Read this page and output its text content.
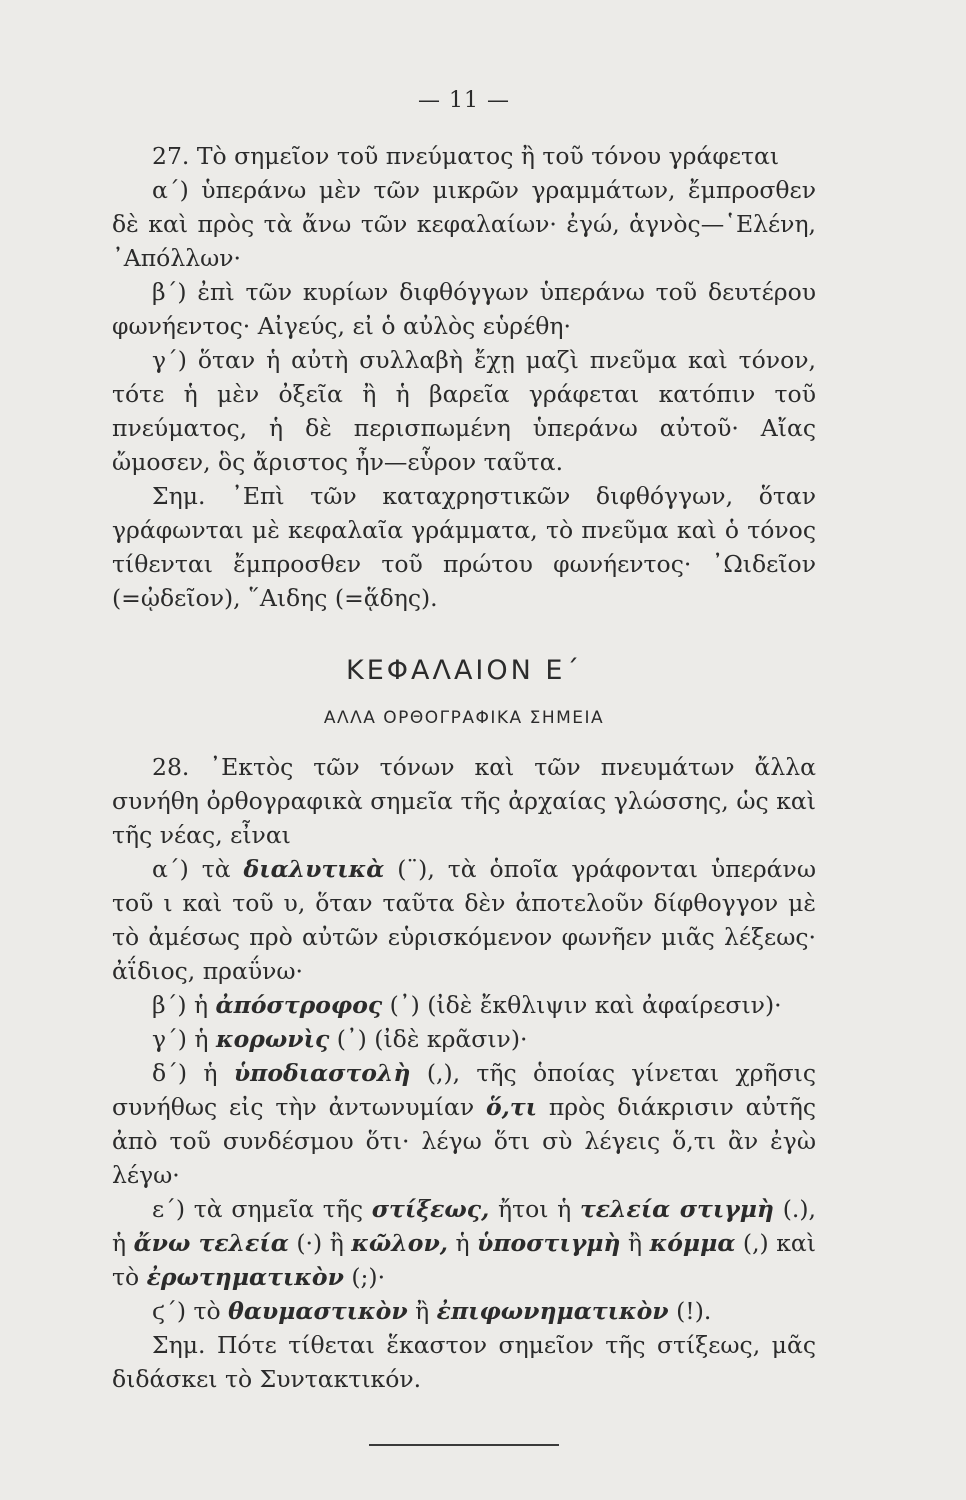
— 11 —

27. Τὸ σημεῖον τοῦ πνεύματος ἢ τοῦ τόνου γράφεται

α΄) ὑπεράνω μὲν τῶν μικρῶν γραμμάτων, ἔμπροσθεν δὲ καὶ πρὸς τὰ ἄνω τῶν κεφαλαίων· ἐγώ, ἁγνὸς—῾Ελένη, ᾿Απόλλων·

β΄) ἐπὶ τῶν κυρίων διφθόγγων ὑπεράνω τοῦ δευτέρου φωνήεντος· Αἰγεύς, εἰ ὁ αὐλὸς εὑρέθη·

γ΄) ὅταν ἡ αὐτὴ συλλαβὴ ἔχῃ μαζὶ πνεῦμα καὶ τόνον, τότε ἡ μὲν ὀξεῖα ἢ ἡ βαρεῖα γράφεται κατόπιν τοῦ πνεύματος, ἡ δὲ περισπωμένη ὑπεράνω αὐτοῦ· Αἴας ὤμοσεν, ὃς ἄριστος ἦν—εὗρον ταῦτα.

Σημ. ᾿Επὶ τῶν καταχρηστικῶν διφθόγγων, ὅταν γράφωνται μὲ κεφαλαῖα γράμματα, τὸ πνεῦμα καὶ ὁ τόνος τίθενται ἔμπροσθεν τοῦ πρώτου φωνήεντος· ᾿Ωιδεῖον (=ᾠδεῖον), ῞Αιδης (=ᾅδης).

ΚΕΦΑΛΑΙΟΝ Ε΄
ΑΛΛΑ ΟΡΘΟΓΡΑΦΙΚΑ ΣΗΜΕΙΑ

28. ᾿Εκτὸς τῶν τόνων καὶ τῶν πνευμάτων ἄλλα συνήθη ὀρθογραφικὰ σημεῖα τῆς ἀρχαίας γλώσσης, ὡς καὶ τῆς νέας, εἶναι

α΄) τὰ διαλυτικὰ (¨), τὰ ὁποῖα γράφονται ὑπεράνω τοῦ ι καὶ τοῦ υ, ὅταν ταῦτα δὲν ἀποτελοῦν δίφθογγον μὲ τὸ ἀμέσως πρὸ αὐτῶν εὑρισκόμενον φωνῆεν μιᾶς λέξεως· ἀΐδιος, πραΰνω·

β΄) ἡ ἀπόστροφος (᾿) (ἰδὲ ἔκθλιψιν καὶ ἀφαίρεσιν)·

γ΄) ἡ κορωνὶς (᾿) (ἰδὲ κρᾶσιν)·

δ΄) ἡ ὑποδιαστολὴ (,), τῆς ὁποίας γίνεται χρῆσις συνήθως εἰς τὴν ἀντωνυμίαν ὅ,τι πρὸς διάκρισιν αὐτῆς ἀπὸ τοῦ συνδέσμου ὅτι· λέγω ὅτι σὺ λέγεις ὅ,τι ἂν ἐγὼ λέγω·

ε΄) τὰ σημεῖα τῆς στίξεως, ἤτοι ἡ τελεία στιγμὴ (.), ἡ ἄνω τελεία (·) ἢ κῶλον, ἡ ὑποστιγμὴ ἢ κόμμα (,) καὶ τὸ ἐρωτηματικὸν (;)·

ϛ΄) τὸ θαυμαστικὸν ἢ ἐπιφωνηματικὸν (!).

Σημ. Πότε τίθεται ἕκαστον σημεῖον τῆς στίξεως, μᾶς διδάσκει τὸ Συντακτικόν.
